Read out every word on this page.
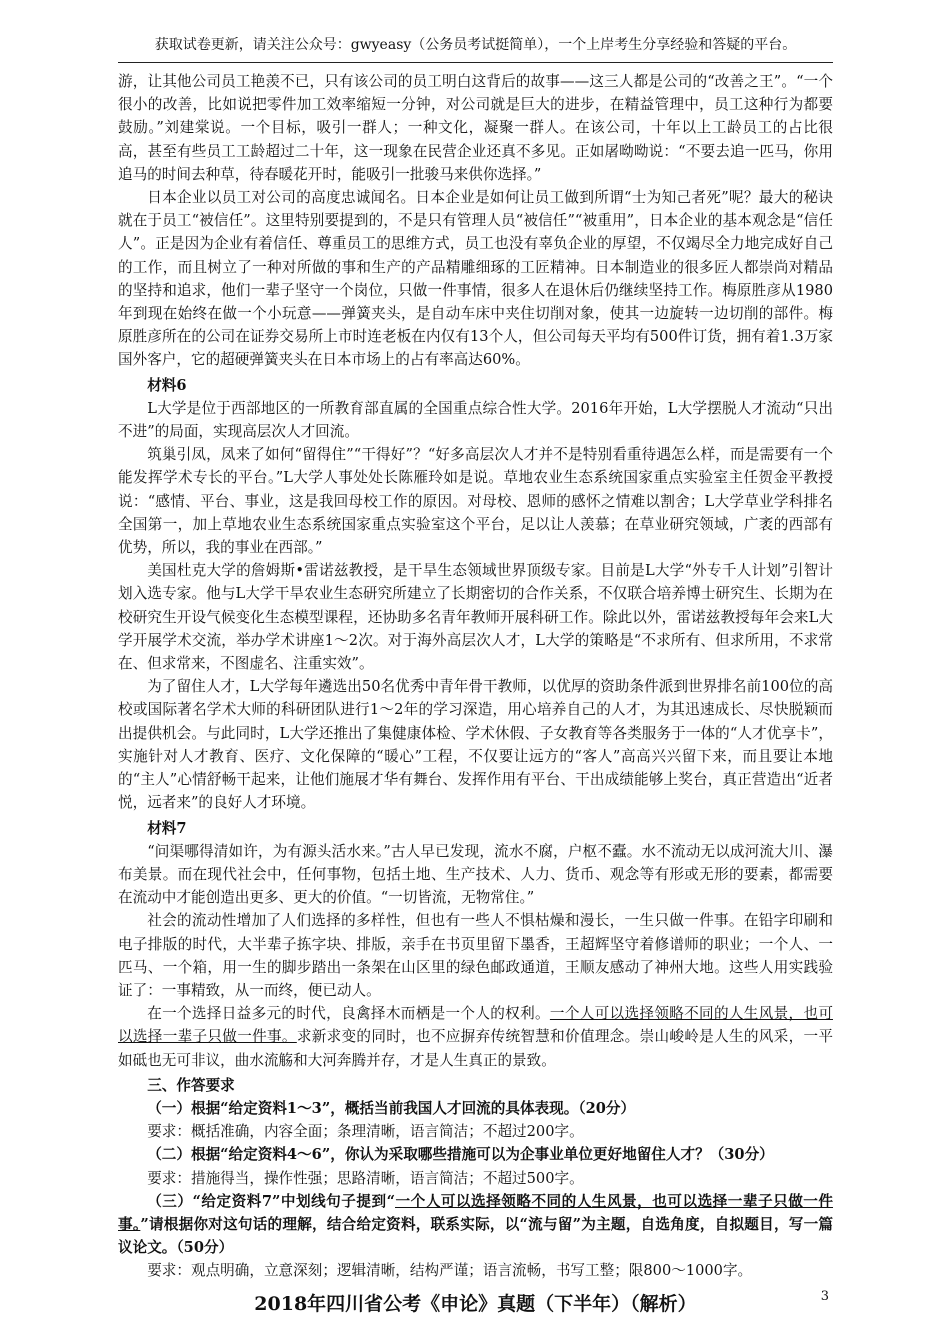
获取试卷更新，请关注公众号：gwyeasy（公务员考试挺简单），一个上岸考生分享经验和答疑的平台。

游，让其他公司员工艳羡不已，只有该公司的员工明白这背后的故事——这三人都是公司的“改善之王”。“一个很小的改善，比如说把零件加工效率缩短一分钟，对公司就是巨大的进步，在精益管理中，员工这种行为都要鼓励。”刘建棠说。一个目标，吸引一群人；一种文化，凝聚一群人。在该公司，十年以上工龄员工的占比很高，甚至有些员工工龄超过二十年，这一现象在民营企业还真不多见。正如屠呦呦说：“不要去追一匹马，你用追马的时间去种草，待春暖花开时，能吸引一批骏马来供你选择。”

日本企业以员工对公司的高度忠诚闻名。日本企业是如何让员工做到所谓“士为知己者死”呢？最大的秘诀就在于员工“被信任”。这里特别要提到的，不是只有管理人员“被信任”“被重用”，日本企业的基本观念是“信任人”。正是因为企业有着信任、尊重员工的思维方式，员工也没有辜负企业的厚望，不仅竭尽全力地完成好自己的工作，而且树立了一种对所做的事和生产的产品精雕细琢的工匠精神。日本制造业的很多匠人都崇尚对精品的坚持和追求，他们一辈子坚守一个岗位，只做一件事情，很多人在退休后仍继续坚持工作。梅原胜彦从1980年到现在始终在做一个小玩意——弹簧夹头，是自动车床中夹住切削对象，使其一边旋转一边切削的部件。梅原胜彦所在的公司在证券交易所上市时连老板在内仅有13个人，但公司每天平均有500件订货，拥有着1.3万家国外客户，它的超硬弹簧夹头在日本市场上的占有率高达60%。

材料6

L大学是位于西部地区的一所教育部直属的全国重点综合性大学。2016年开始，L大学摆脱人才流动“只出不进”的局面，实现高层次人才回流。

筑巢引凤，凤来了如何“留得住”“干得好”？“好多高层次人才并不是特别看重待遇怎么样，而是需要有一个能发挥学术专长的平台。”L大学人事处处长陈雁玲如是说。草地农业生态系统国家重点实验室主任贺金平教授说：“感情、平台、事业，这是我回母校工作的原因。对母校、恩师的感怀之情难以割舍；L大学草业学科排名全国第一，加上草地农业生态系统国家重点实验室这个平台，足以让人羡慕；在草业研究领域，广袤的西部有优势，所以，我的事业在西部。”

美国杜克大学的詹姆斯•雷诺兹教授，是干旱生态领域世界顶级专家。目前是L大学“外专千人计划”引智计划入选专家。他与L大学干旱农业生态研究所建立了长期密切的合作关系，不仅联合培养博士研究生、长期为在校研究生开设气候变化生态模型课程，还协助多名青年教师开展科研工作。除此以外，雷诺兹教授每年会来L大学开展学术交流，举办学术讲座1～2次。对于海外高层次人才，L大学的策略是“不求所有、但求所用，不求常在、但求常来，不图虚名、注重实效”。

为了留住人才，L大学每年遴选出50名优秀中青年骨干教师，以优厚的资助条件派到世界排名前100位的高校或国际著名学术大师的科研团队进行1～2年的学习深造，用心培养自己的人才，为其迅速成长、尽快脱颖而出提供机会。与此同时，L大学还推出了集健康体检、学术休假、子女教育等各类服务于一体的“人才优享卡”，实施针对人才教育、医疗、文化保障的“暖心”工程，不仅要让远方的“客人”高高兴兴留下来，而且要让本地的“主人”心情舒畅干起来，让他们施展才华有舞台、发挥作用有平台、干出成绩能够上奖台，真正营造出“近者悦，远者来”的良好人才环境。

材料7

“问渠哪得清如许，为有源头活水来。”古人早已发现，流水不腐，户枢不蠹。水不流动无以成河流大川、瀑布美景。而在现代社会中，任何事物，包括土地、生产技术、人力、货币、观念等有形或无形的要素，都需要在流动中才能创造出更多、更大的价值。“一切皆流，无物常住。”

社会的流动性增加了人们选择的多样性，但也有一些人不惧枯燥和漫长，一生只做一件事。在铅字印刷和电子排版的时代，大半辈子拣字块、排版，亲手在书页里留下墨香，王超辉坚守着修谱师的职业；一个人、一匹马、一个箱，用一生的脚步踏出一条架在山区里的绿色邮政通道，王顺友感动了神州大地。这些人用实践验证了：一事精致，从一而终，便已动人。

在一个选择日益多元的时代，良禽择木而栖是一个人的权利。一个人可以选择领略不同的人生风景，也可以选择一辈子只做一件事。求新求变的同时，也不应摒弃传统智慧和价值理念。崇山峻岭是人生的风采，一平如砥也无可非议，曲水流觞和大河奔腾并存，才是人生真正的景致。

三、作答要求

（一）根据“给定资料1～3”，概括当前我国人才回流的具体表现。（20分）

要求：概括准确，内容全面；条理清晰，语言简洁；不超过200字。

（二）根据“给定资料4～6”，你认为采取哪些措施可以为企事业单位更好地留住人才？（30分）

要求：措施得当，操作性强；思路清晰，语言简洁；不超过500字。

（三）“给定资料7”中划线句子提到“一个人可以选择领略不同的人生风景，也可以选择一辈子只做一件事。”请根据你对这句话的理解，结合给定资料，联系实际，以“流与留”为主题，自选角度，自拟题目，写一篇议论文。（50分）

要求：观点明确，立意深刻；逻辑清晰，结构严谨；语言流畅，书写工整；限800～1000字。

2018年四川省公考《申论》真题（下半年）（解析）	3
